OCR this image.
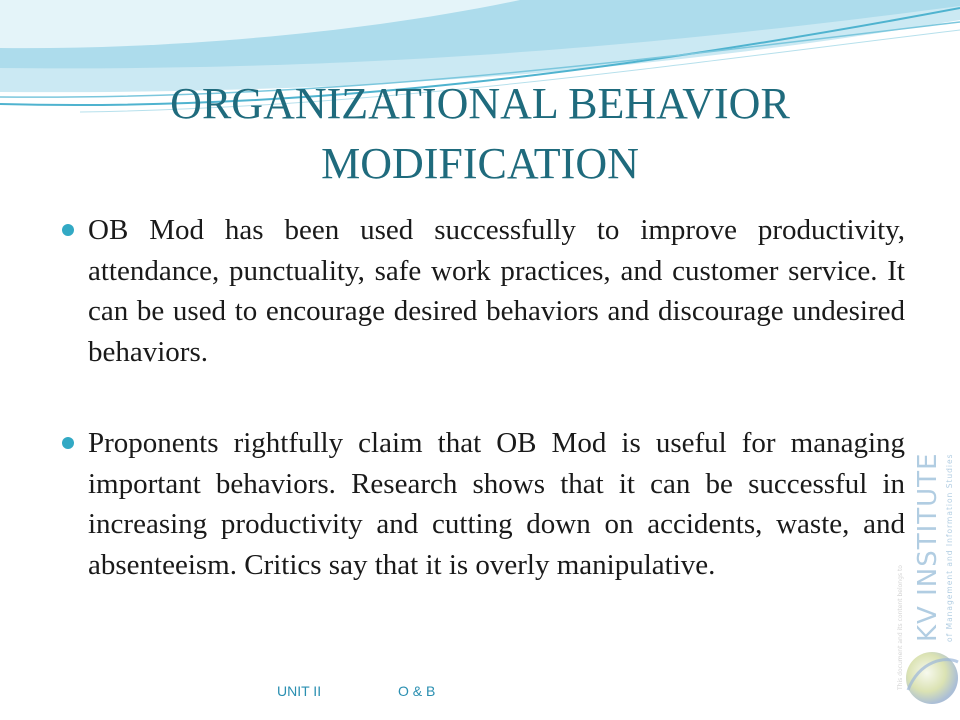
ORGANIZATIONAL BEHAVIOR
MODIFICATION
OB Mod has been used successfully to improve productivity, attendance, punctuality, safe work practices, and customer service. It can be used to encourage desired behaviors and discourage undesired behaviors.
Proponents rightfully claim that OB Mod is useful for managing important behaviors. Research shows that it can be successful in increasing productivity and cutting down on accidents, waste, and absenteeism. Critics say that it is overly manipulative.
UNIT II	O & B
KV INSTITUTE of Management and Information Studies
This document and its content belongs to
